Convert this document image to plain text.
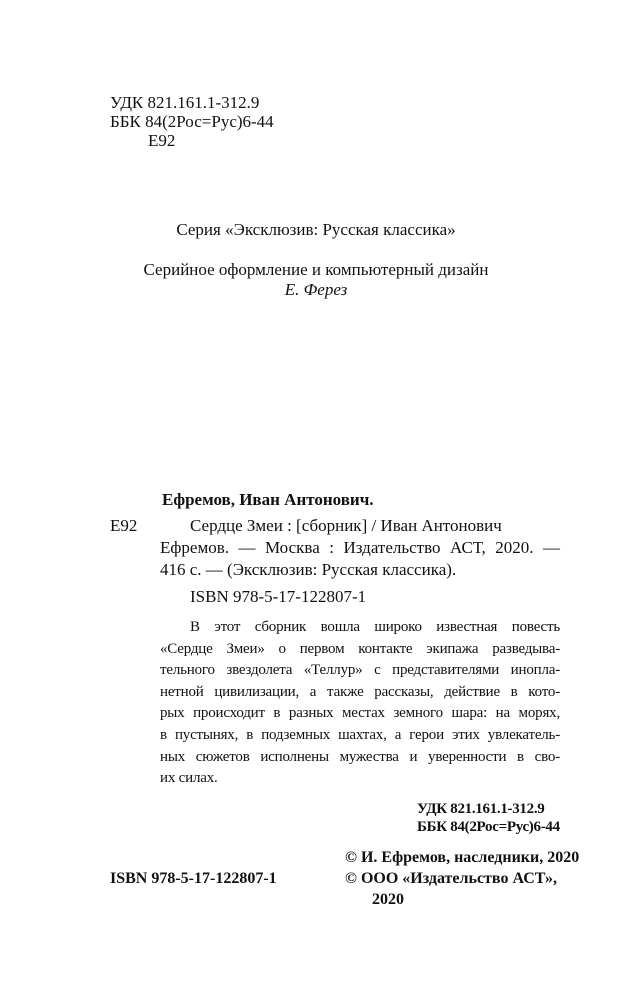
УДК 821.161.1-312.9
ББК 84(2Рос=Рус)6-44
Е92
Серия «Эксклюзив: Русская классика»
Серийное оформление и компьютерный дизайн
Е. Ферез
Ефремов, Иван Антонович.
Е92	Сердце Змеи : [сборник] / Иван Антонович
Ефремов. — Москва : Издательство АСТ, 2020. —
416 с. — (Эксклюзив: Русская классика).
ISBN 978-5-17-122807-1
В этот сборник вошла широко известная повесть
«Сердце Змеи» о первом контакте экипажа разведыва-
тельного звездолета «Теллур» с представителями инопла-
нетной цивилизации, а также рассказы, действие в кото-
рых происходит в разных местах земного шара: на морях,
в пустынях, в подземных шахтах, а герои этих увлекатель-
ных сюжетов исполнены мужества и уверенности в сво-
их силах.
УДК 821.161.1-312.9
ББК 84(2Рос=Рус)6-44
ISBN 978-5-17-122807-1
© И. Ефремов, наследники, 2020
© ООО «Издательство АСТ»,
2020
